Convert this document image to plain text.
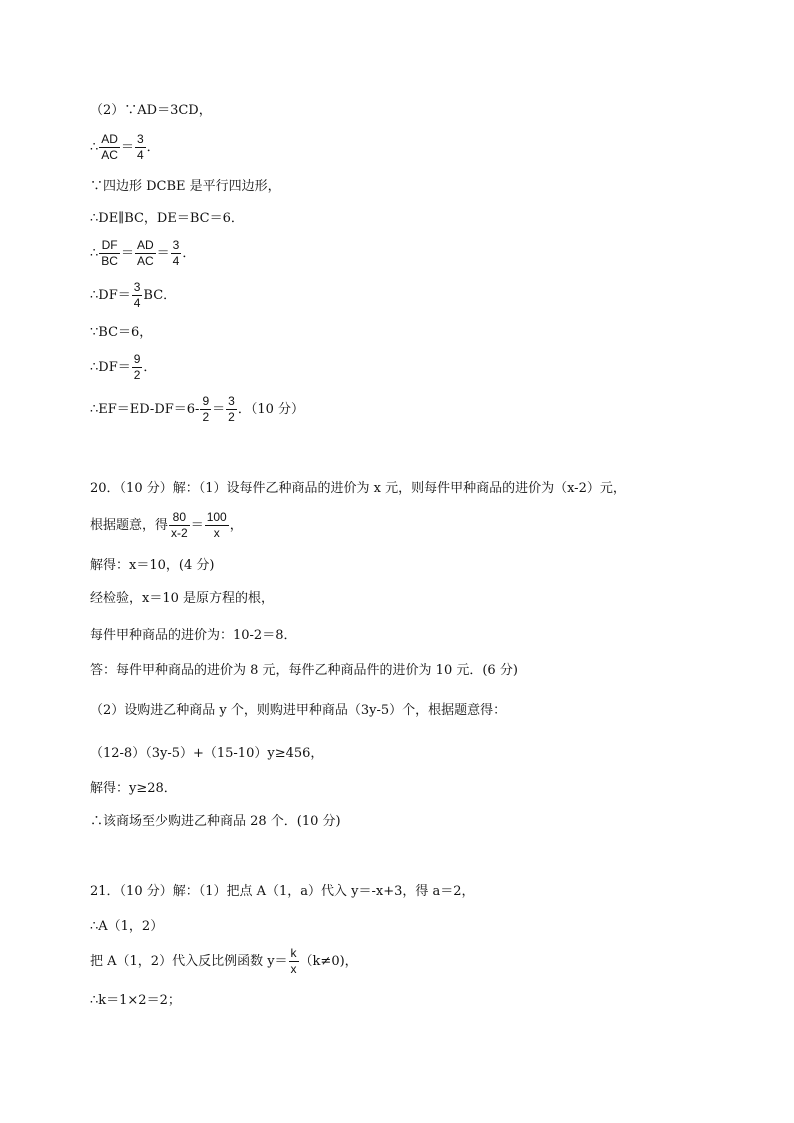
（2）∵AD＝3CD，
∴ $\frac{AD}{AC} = \frac{3}{4}$ ．
∵四边形 DCBE 是平行四边形，
∴DE∥BC，DE＝BC＝6．
∴ $\frac{DF}{BC} = \frac{AD}{AC} = \frac{3}{4}$ ．
∴DF＝ $\frac{3}{4}$ BC．
∵BC＝6，
∴DF＝ $\frac{9}{2}$ ．
∴EF＝ED-DF＝6- $\frac{9}{2} = \frac{3}{2}$ ．（10 分）
20．（10 分）解：（1）设每件乙种商品的进价为 x 元，则每件甲种商品的进价为（x-2）元，
根据题意，得 $\frac{80}{x-2} = \frac{100}{x}$ ，
解得：x＝10，(4 分)
经检验，x＝10 是原方程的根，
每件甲种商品的进价为：10-2＝8．
答：每件甲种商品的进价为 8 元，每件乙种商品件的进价为 10 元．(6 分)
（2）设购进乙种商品 y 个，则购进甲种商品（3y-5）个，根据题意得：
（12-8）（3y-5）+（15-10）y≥456，
解得：y≥28．
∴该商场至少购进乙种商品 28 个．(10 分)
21．（10 分）解：（1）把点 A（1，a）代入 y＝-x+3，得 a＝2，
∴A（1，2）
把 A（1，2）代入反比例函数 $y= \frac{k}{x} (k\ne 0)$，
∴k＝1×2＝2；
